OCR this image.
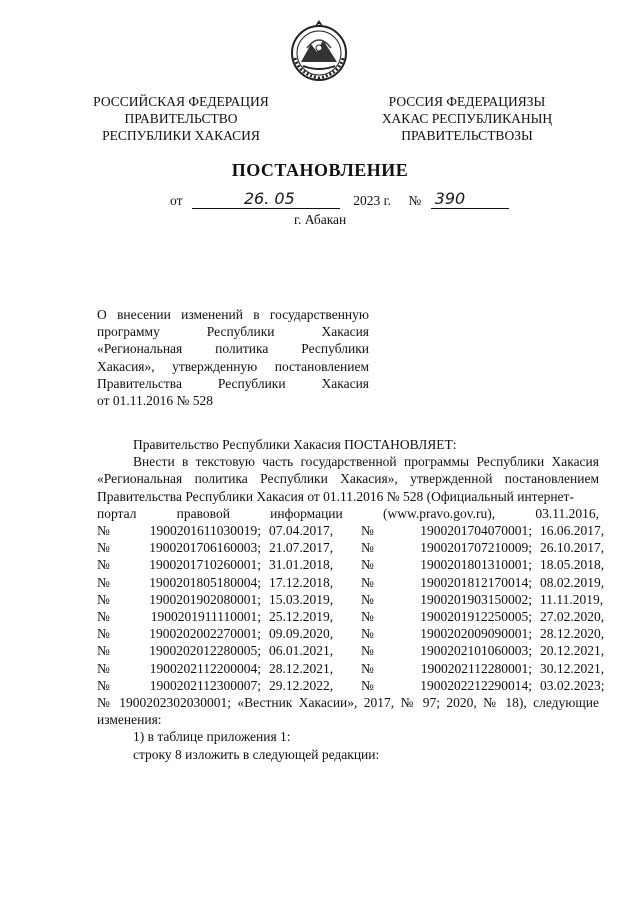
РОССИЙСКАЯ ФЕДЕРАЦИЯ
ПРАВИТЕЛЬСТВО
РЕСПУБЛИКИ ХАКАСИЯ
РОССИЯ ФЕДЕРАЦИЯЗЫ
ХАКАС РЕСПУБЛИКАНЫҢ
ПРАВИТЕЛЬСТВОЗЫ
ПОСТАНОВЛЕНИЕ
от	26. 05	2023 г. № 390
г. Абакан
О внесении изменений в государственную
программу	Республики	Хакасия
«Региональная политика Республики
Хакасия», утвержденную постановлением
Правительства	Республики	Хакасия
от 01.11.2016 № 528
Правительство Республики Хакасия ПОСТАНОВЛЯЕТ:
Внести в текстовую часть государственной программы Республики Хакасия «Региональная политика Республики Хакасия», утвержденной постановлением Правительства Республики Хакасия от 01.11.2016 № 528 (Официальный интернет-
портал	правовой	информации	(www.pravo.gov.ru),	03.11.2016,
№	1900201611030019; 07.04.2017,	№	1900201704070001; 16.06.2017,
№	1900201706160003; 21.07.2017,	№	1900201707210009; 26.10.2017,
№	1900201710260001; 31.01.2018,	№	1900201801310001; 18.05.2018,
№	1900201805180004; 17.12.2018,	№	1900201812170014; 08.02.2019,
№	1900201902080001; 15.03.2019,	№	1900201903150002; 11.11.2019,
№	1900201911110001; 25.12.2019,	№	1900201912250005; 27.02.2020,
№	1900202002270001; 09.09.2020,	№	1900202009090001; 28.12.2020,
№	1900202012280005; 06.01.2021,	№	1900202101060003; 20.12.2021,
№	1900202112200004; 28.12.2021,	№	1900202112280001; 30.12.2021,
№	1900202112300007; 29.12.2022,	№	1900202212290014; 03.02.2023;
№ 1900202302030001; «Вестник Хакасии», 2017, № 97; 2020, № 18), следующие изменения:
1) в таблице приложения 1:
строку 8 изложить в следующей редакции:
